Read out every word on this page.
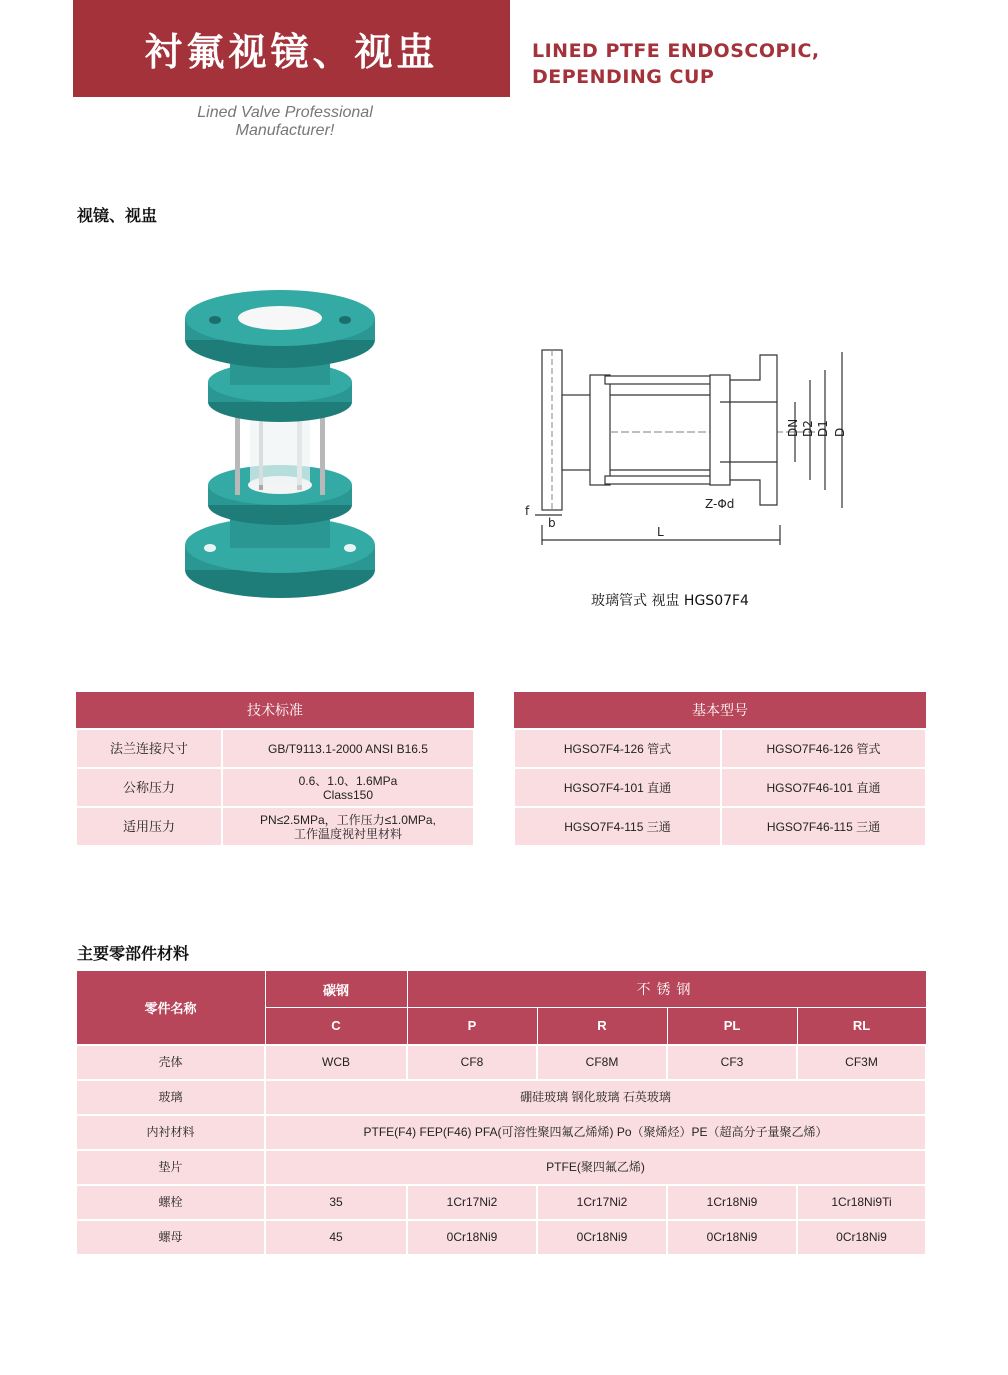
衬氟视镜、视盅	LINED PTFE ENDOSCOPIC,
DEPENDING CUP
Lined Valve Professional
Manufacturer!
视镜、视盅
f
b
L
Z-Φd
DN D2 D1 D
玻璃管式 视盅 HGS07F4
技术标准	
法兰连接尺寸	GB/T9113.1-2000 ANSI B16.5

公称压力	0.6、1.0、1.6MPa
Class150

适用压力	PN≤2.5MPa，工作压力≤1.0MPa,
工作温度视衬里材料
基本型号	
HGSO7F4-126 管式	HGSO7F46-126 管式
HGSO7F4-101 直通	HGSO7F46-101 直通
HGSO7F4-115 三通	HGSO7F46-115 三通
主要零部件材料
零件名称	碳钢	不锈钢			
	C	P	R	PL	RL
壳体	WCB	CF8	CF8M	CF3	CF3M
玻璃	硼硅玻璃 钢化玻璃 石英玻璃				
内衬材料	PTFE(F4) FEP(F46) PFA(可溶性聚四氟乙烯烯) Po（聚烯烃）PE（超高分子量聚乙烯）				
垫片	PTFE(聚四氟乙烯)				
螺栓	35	1Cr17Ni2	1Cr17Ni2	1Cr18Ni9	1Cr18Ni9Ti
螺母	45	0Cr18Ni9	0Cr18Ni9	0Cr18Ni9	0Cr18Ni9
